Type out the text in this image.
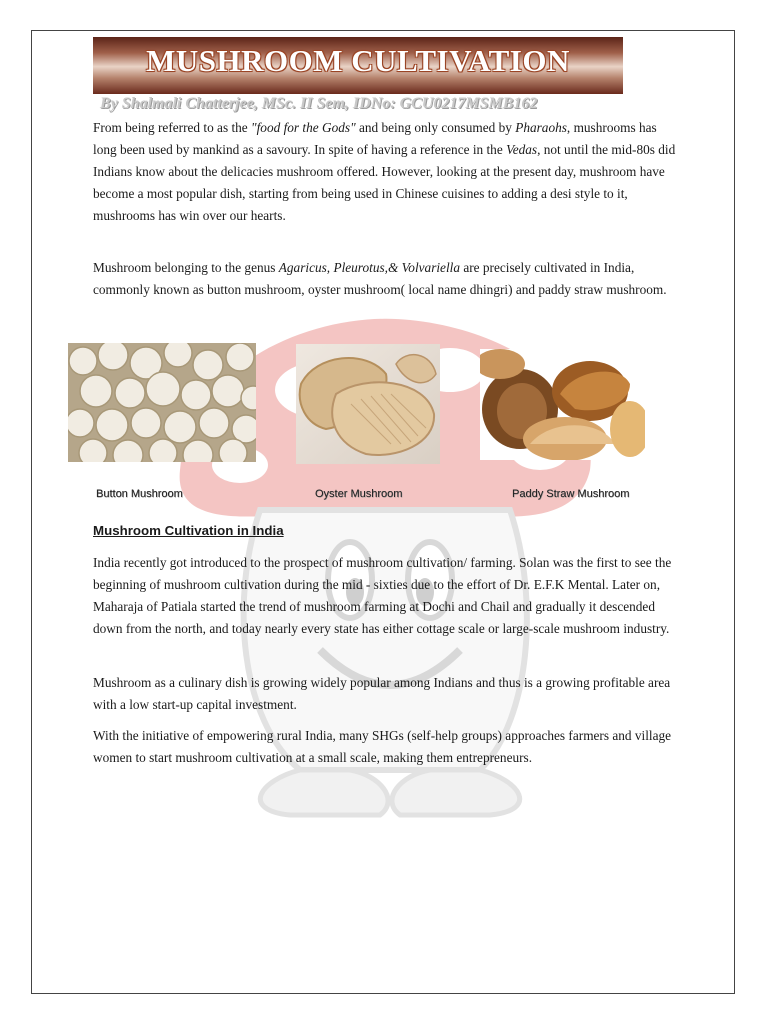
MUSHROOM CULTIVATION
By Shalmali Chatterjee, MSc. II Sem, IDNo: GCU0217MSMB162

From being referred to as the "food for the Gods" and being only consumed by Pharaohs, mushrooms has long been used by mankind as a savoury. In spite of having a reference in the Vedas, not until the mid-80s did Indians know about the delicacies mushroom offered. However, looking at the present day, mushroom have become a most popular dish, starting from being used in Chinese cuisines to adding a desi style to it, mushrooms has win over our hearts.

Mushroom belonging to the genus Agaricus, Pleurotus,& Volvariella are precisely cultivated in India, commonly known as button mushroom, oyster mushroom( local name dhingri) and paddy straw mushroom.

Button Mushroom	Oyster Mushroom	Paddy Straw Mushroom
Mushroom Cultivation in India

India recently got introduced to the prospect of mushroom cultivation/ farming. Solan was the first to see the beginning of mushroom cultivation during the mid - sixties due to the effort of Dr. E.F.K Mental. Later on, Maharaja of Patiala started the trend of mushroom farming at Dochi and Chail and gradually it descended down from the north, and today nearly every state has either cottage scale or large-scale mushroom industry.

Mushroom as a culinary dish is growing widely popular among Indians and thus is a growing profitable area with a low start-up capital investment.

With the initiative of empowering rural India, many SHGs (self-help groups) approaches farmers and village women to start mushroom cultivation at a small scale, making them entrepreneurs.
